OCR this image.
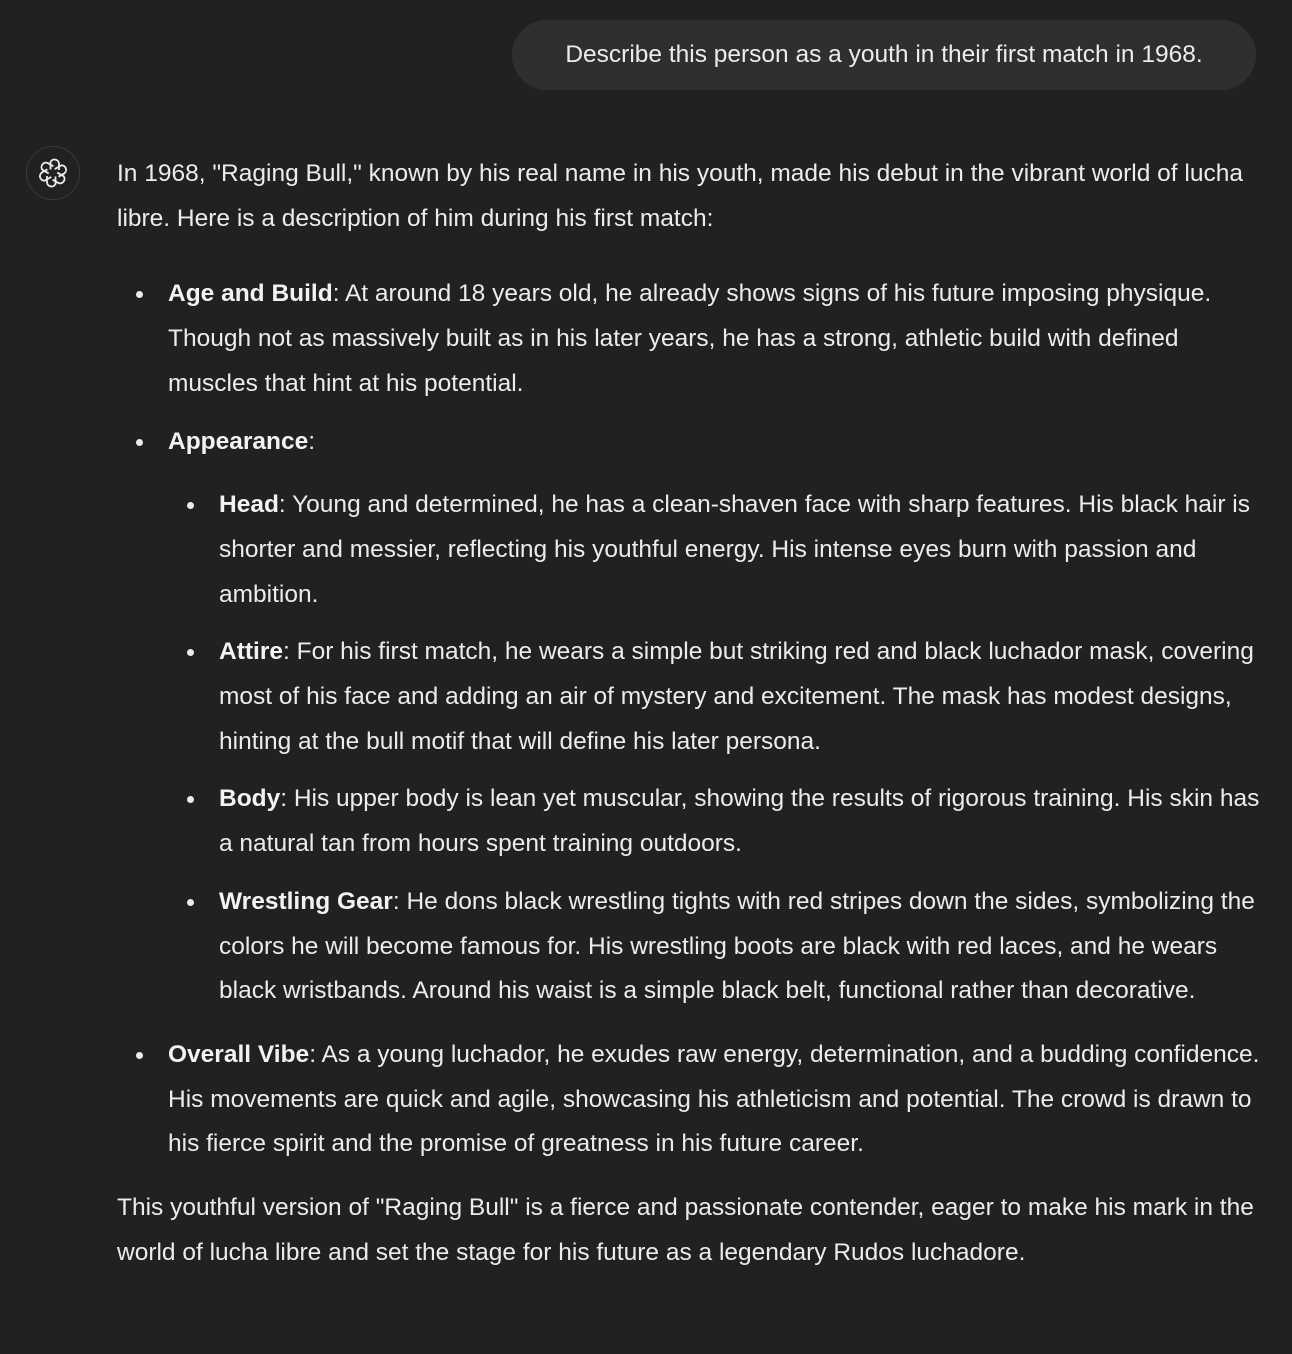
Describe this person as a youth in their first match in 1968.

In 1968, "Raging Bull," known by his real name in his youth, made his debut in the vibrant world of lucha libre. Here is a description of him during his first match:

Age and Build: At around 18 years old, he already shows signs of his future imposing physique. Though not as massively built as in his later years, he has a strong, athletic build with defined muscles that hint at his potential.
Appearance:
Head: Young and determined, he has a clean-shaven face with sharp features. His black hair is shorter and messier, reflecting his youthful energy. His intense eyes burn with passion and ambition.
Attire: For his first match, he wears a simple but striking red and black luchador mask, covering most of his face and adding an air of mystery and excitement. The mask has modest designs, hinting at the bull motif that will define his later persona.
Body: His upper body is lean yet muscular, showing the results of rigorous training. His skin has a natural tan from hours spent training outdoors.
Wrestling Gear: He dons black wrestling tights with red stripes down the sides, symbolizing the colors he will become famous for. His wrestling boots are black with red laces, and he wears black wristbands. Around his waist is a simple black belt, functional rather than decorative.
Overall Vibe: As a young luchador, he exudes raw energy, determination, and a budding confidence. His movements are quick and agile, showcasing his athleticism and potential. The crowd is drawn to his fierce spirit and the promise of greatness in his future career.

This youthful version of "Raging Bull" is a fierce and passionate contender, eager to make his mark in the world of lucha libre and set the stage for his future as a legendary Rudos luchadore.
